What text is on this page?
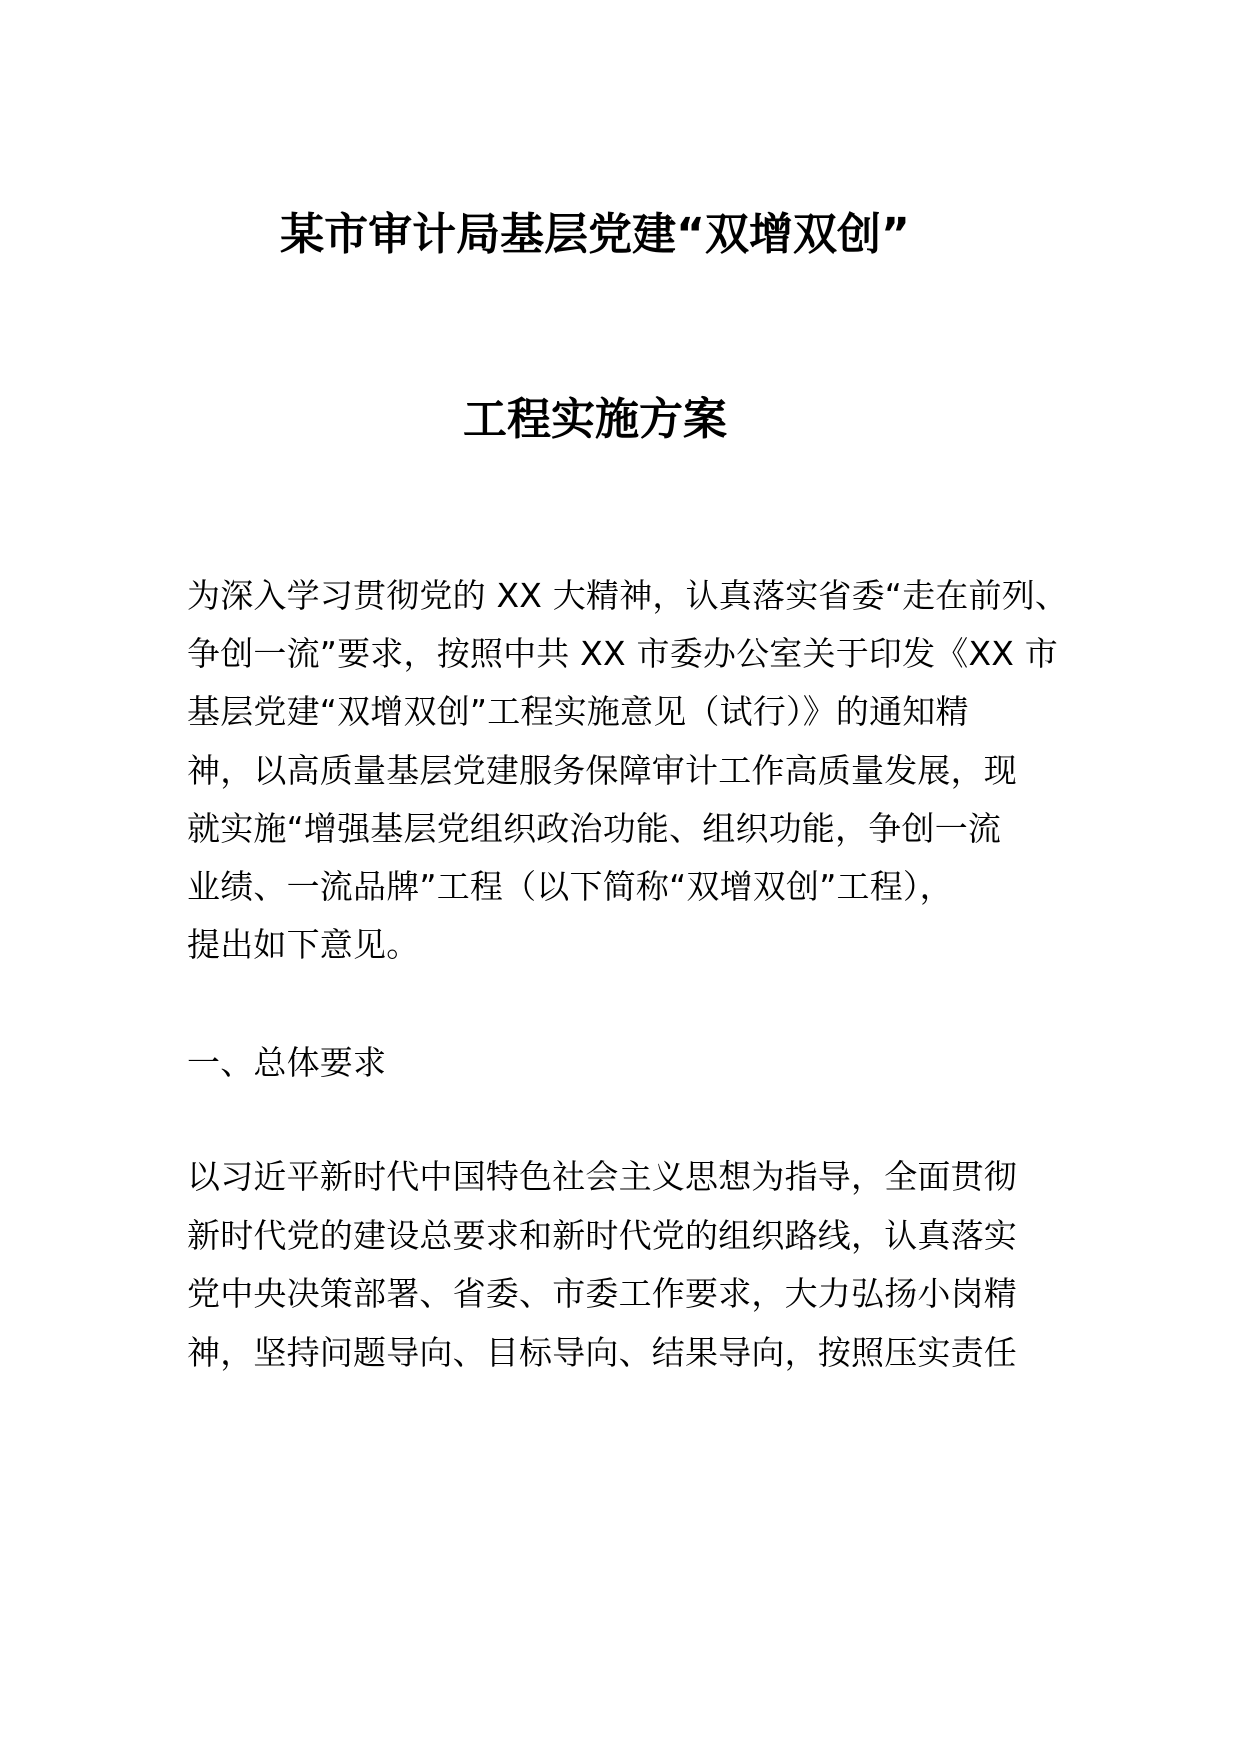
某市审计局基层党建“双增双创”
工程实施方案
为深入学习贯彻党的 XX 大精神，认真落实省委“走在前列、
争创一流”要求，按照中共 XX 市委办公室关于印发《XX 市
基层党建“双增双创”工程实施意见（试行）》的通知精
神，以高质量基层党建服务保障审计工作高质量发展，现
就实施“增强基层党组织政治功能、组织功能，争创一流
业绩、一流品牌”工程（以下简称“双增双创”工程），
提出如下意见。
一、总体要求
以习近平新时代中国特色社会主义思想为指导，全面贯彻
新时代党的建设总要求和新时代党的组织路线，认真落实
党中央决策部署、省委、市委工作要求，大力弘扬小岗精
神，坚持问题导向、目标导向、结果导向，按照压实责任
